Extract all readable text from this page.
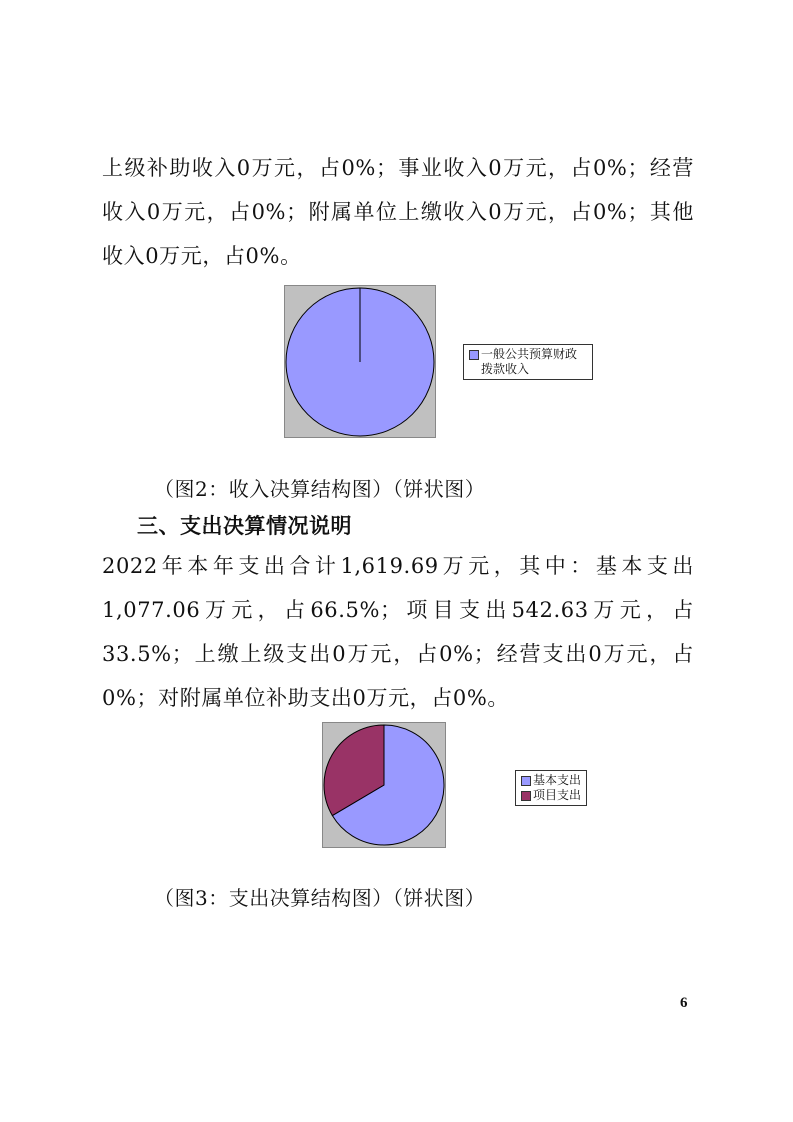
上级补助收入0万元，占0%；事业收入0万元，占0%；经营收入0万元，占0%；附属单位上缴收入0万元，占0%；其他收入0万元，占0%。
一般公共预算财政拨款收入
（图2：收入决算结构图）（饼状图）
三、支出决算情况说明
2022年本年支出合计1,619.69万元，其中：基本支出1,077.06万元，占66.5%；项目支出542.63万元，占33.5%；上缴上级支出0万元，占0%；经营支出0万元，占0%；对附属单位补助支出0万元，占0%。
基本支出
项目支出
（图3：支出决算结构图）（饼状图）
6
